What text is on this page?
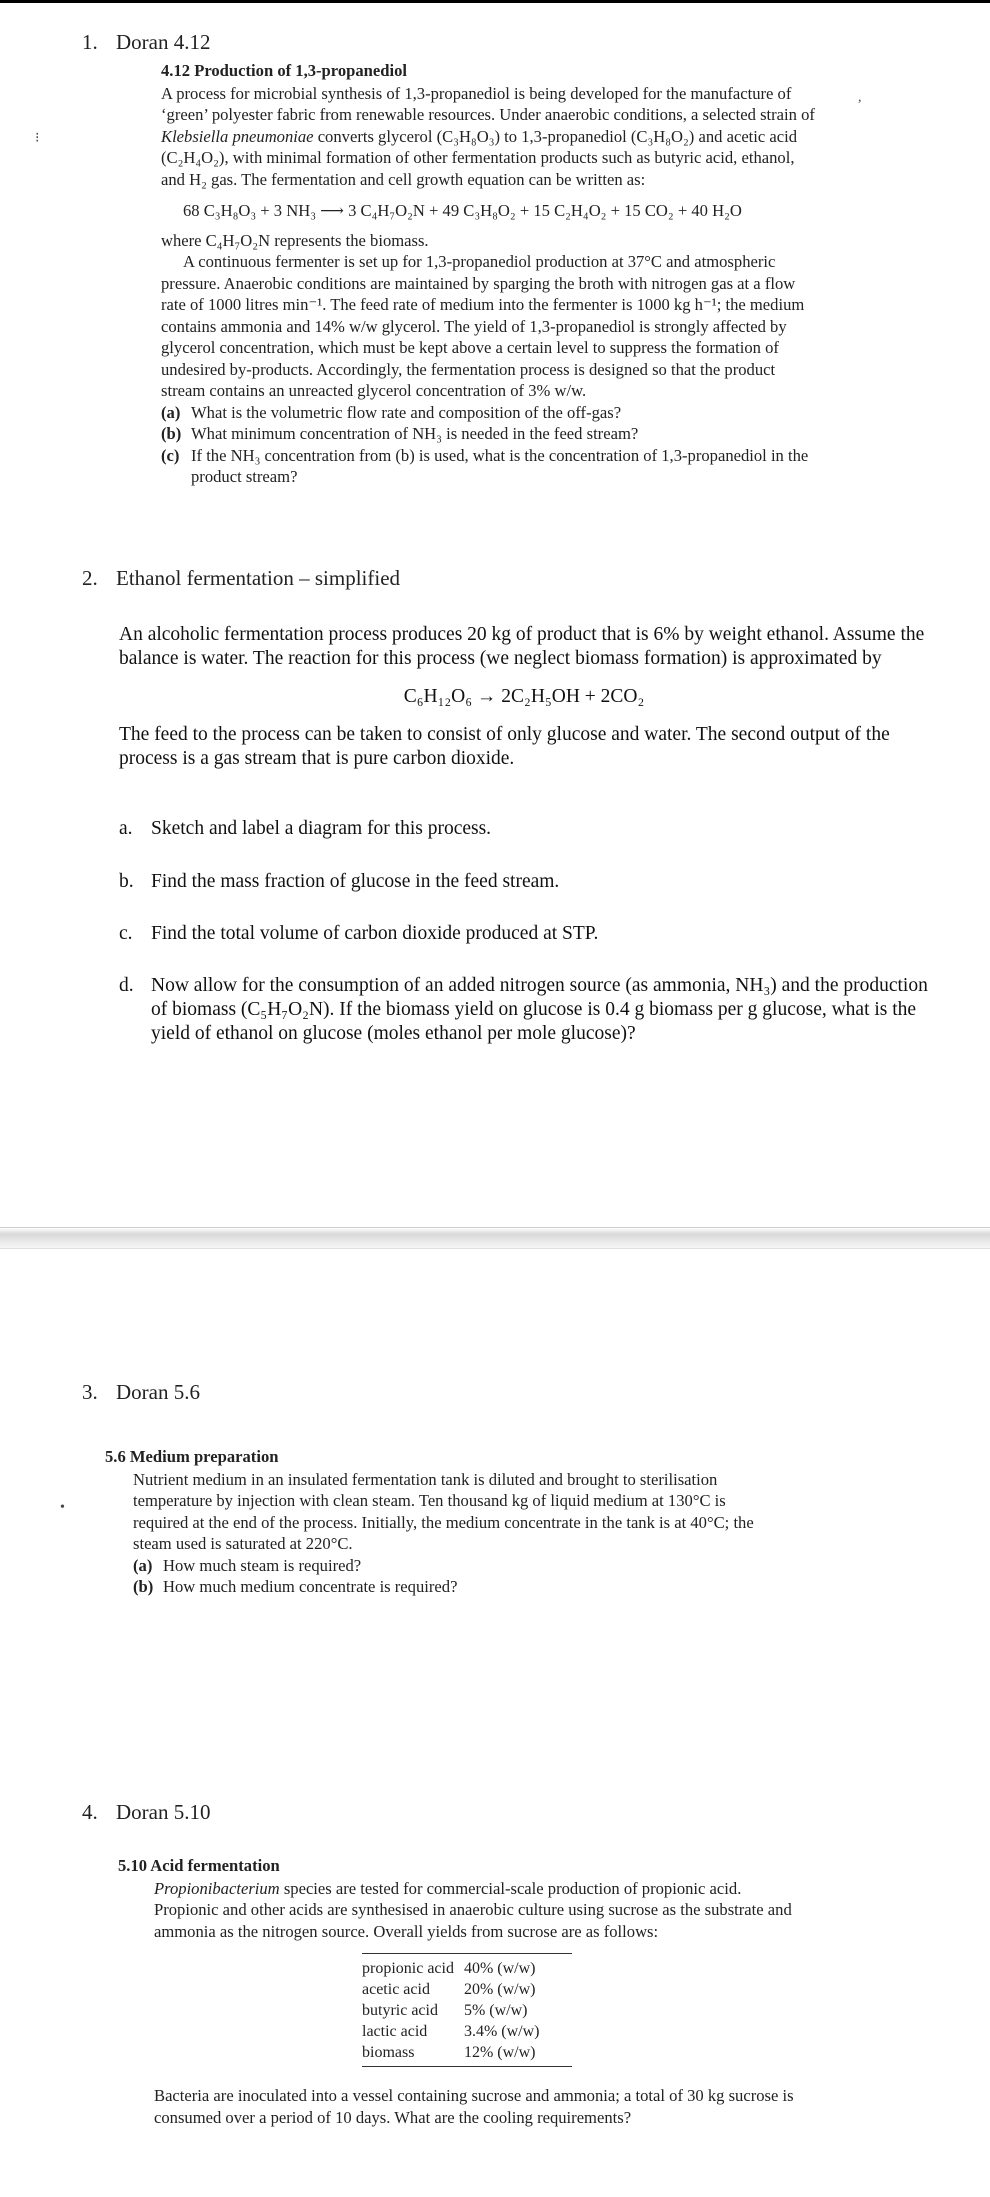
1. Doran 4.12
4.12 Production of 1,3-propanediol

A process for microbial synthesis of 1,3-propanediol is being developed for the manufacture of ‘green’ polyester fabric from renewable resources. Under anaerobic conditions, a selected strain of Klebsiella pneumoniae converts glycerol (C₃H₈O₃) to 1,3-propanediol (C₃H₈O₂) and acetic acid (C₂H₄O₂), with minimal formation of other fermentation products such as butyric acid, ethanol, and H₂ gas. The fermentation and cell growth equation can be written as:

68 C₃H₈O₃ + 3 NH₃ ⟶ 3 C₄H₇O₂N + 49 C₃H₈O₂ + 15 C₂H₄O₂ + 15 CO₂ + 40 H₂O

where C₄H₇O₂N represents the biomass.

A continuous fermenter is set up for 1,3-propanediol production at 37°C and atmospheric pressure. Anaerobic conditions are maintained by sparging the broth with nitrogen gas at a flow rate of 1000 litres min⁻¹. The feed rate of medium into the fermenter is 1000 kg h⁻¹; the medium contains ammonia and 14% w/w glycerol. The yield of 1,3-propanediol is strongly affected by glycerol concentration, which must be kept above a certain level to suppress the formation of undesired by-products. Accordingly, the fermentation process is designed so that the product stream contains an unreacted glycerol concentration of 3% w/w.

(a) What is the volumetric flow rate and composition of the off-gas?

(b) What minimum concentration of NH₃ is needed in the feed stream?

(c) If the NH₃ concentration from (b) is used, what is the concentration of 1,3-propanediol in the product stream?

2. Ethanol fermentation – simplified

An alcoholic fermentation process produces 20 kg of product that is 6% by weight ethanol. Assume the balance is water. The reaction for this process (we neglect biomass formation) is approximated by

C₆H₁₂O₆ → 2C₂H₅OH + 2CO₂

The feed to the process can be taken to consist of only glucose and water. The second output of the process is a gas stream that is pure carbon dioxide.

a. Sketch and label a diagram for this process.
b. Find the mass fraction of glucose in the feed stream.
c. Find the total volume of carbon dioxide produced at STP.
d. Now allow for the consumption of an added nitrogen source (as ammonia, NH₃) and the production of biomass (C₅H₇O₂N). If the biomass yield on glucose is 0.4 g biomass per g glucose, what is the yield of ethanol on glucose (moles ethanol per mole glucose)?
3. Doran 5.6
5.6 Medium preparation

Nutrient medium in an insulated fermentation tank is diluted and brought to sterilisation temperature by injection with clean steam. Ten thousand kg of liquid medium at 130°C is required at the end of the process. Initially, the medium concentrate in the tank is at 40°C; the steam used is saturated at 220°C.

(a) How much steam is required?

(b) How much medium concentrate is required?

4. Doran 5.10
5.10 Acid fermentation

Propionibacterium species are tested for commercial-scale production of propionic acid. Propionic and other acids are synthesised in anaerobic culture using sucrose as the substrate and ammonia as the nitrogen source. Overall yields from sucrose are as follows:

propionic acid	40% (w/w)
acetic acid	20% (w/w)
butyric acid	5% (w/w)
lactic acid	3.4% (w/w)
biomass	12% (w/w)

Bacteria are inoculated into a vessel containing sucrose and ammonia; a total of 30 kg sucrose is consumed over a period of 10 days. What are the cooling requirements?

⁝
•
,
